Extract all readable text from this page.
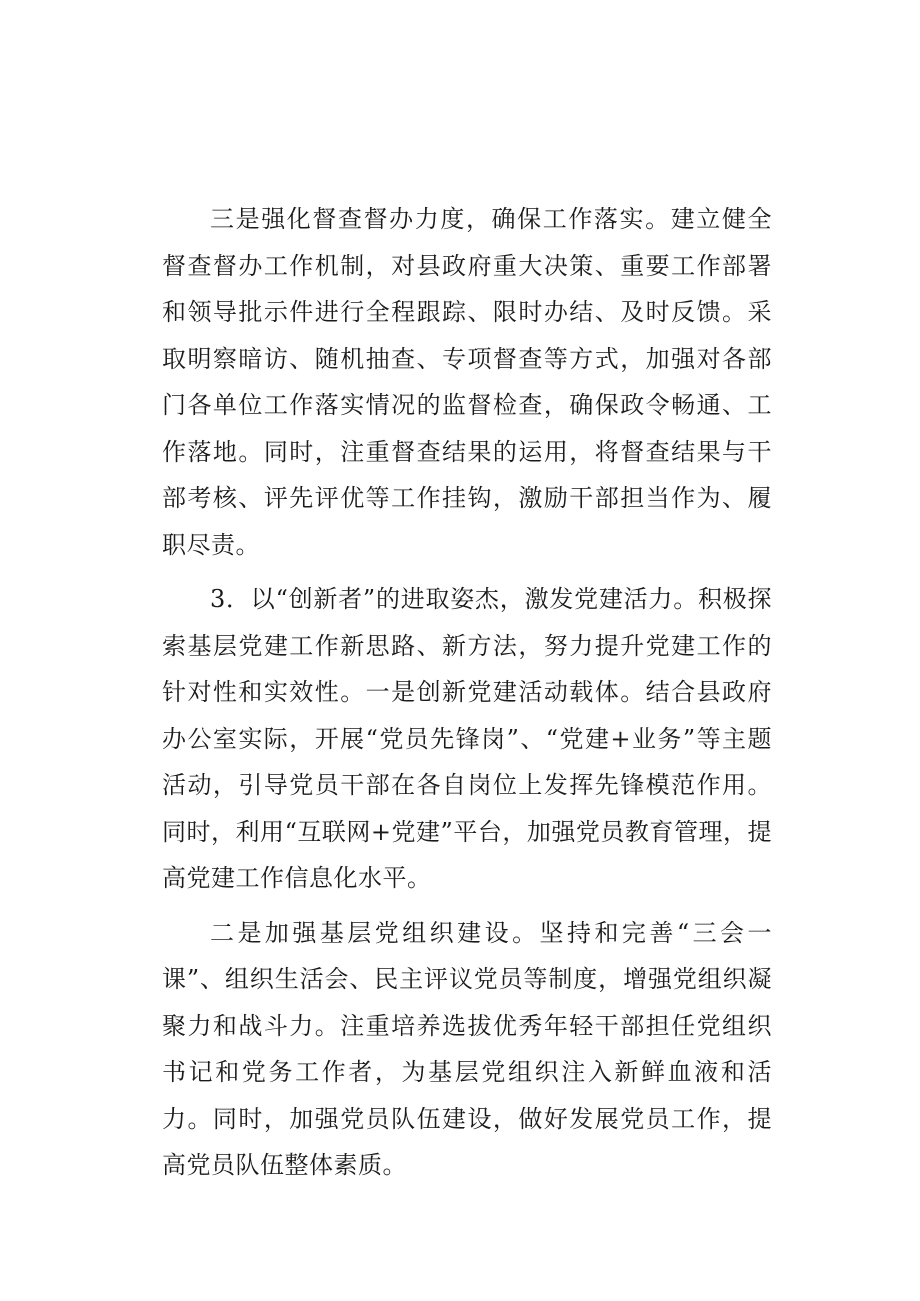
三是强化督查督办力度，确保工作落实。建立健全督查督办工作机制，对县政府重大决策、重要工作部署和领导批示件进行全程跟踪、限时办结、及时反馈。采取明察暗访、随机抽查、专项督查等方式，加强对各部门各单位工作落实情况的监督检查，确保政令畅通、工作落地。同时，注重督查结果的运用，将督查结果与干部考核、评先评优等工作挂钩，激励干部担当作为、履职尽责。

3．以“创新者”的进取姿杰，激发党建活力。积极探索基层党建工作新思路、新方法，努力提升党建工作的针对性和实效性。一是创新党建活动载体。结合县政府办公室实际，开展“党员先锋岗”、“党建+业务”等主题活动，引导党员干部在各自岗位上发挥先锋模范作用。同时，利用“互联网+党建”平台，加强党员教育管理，提高党建工作信息化水平。

二是加强基层党组织建设。坚持和完善“三会一课”、组织生活会、民主评议党员等制度，增强党组织凝聚力和战斗力。注重培养选拔优秀年轻干部担任党组织书记和党务工作者，为基层党组织注入新鲜血液和活力。同时，加强党员队伍建设，做好发展党员工作，提高党员队伍整体素质。
